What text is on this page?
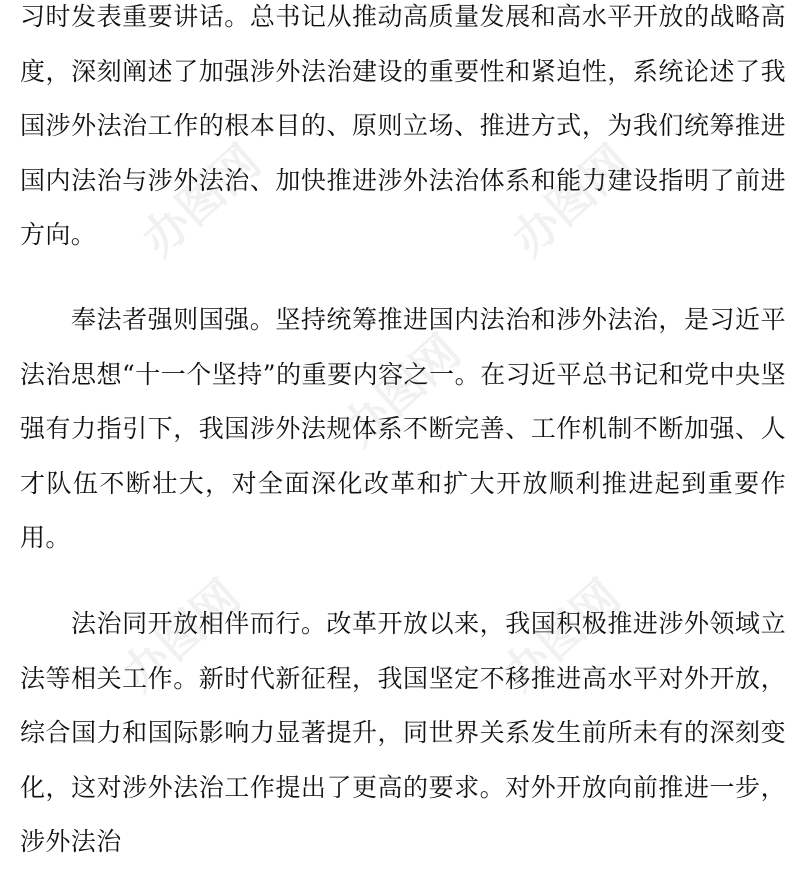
习时发表重要讲话。总书记从推动高质量发展和高水平开放的战略高度，深刻阐述了加强涉外法治建设的重要性和紧迫性，系统论述了我国涉外法治工作的根本目的、原则立场、推进方式，为我们统筹推进国内法治与涉外法治、加快推进涉外法治体系和能力建设指明了前进方向。

奉法者强则国强。坚持统筹推进国内法治和涉外法治，是习近平法治思想“十一个坚持”的重要内容之一。在习近平总书记和党中央坚强有力指引下，我国涉外法规体系不断完善、工作机制不断加强、人才队伍不断壮大，对全面深化改革和扩大开放顺利推进起到重要作用。

法治同开放相伴而行。改革开放以来，我国积极推进涉外领域立法等相关工作。新时代新征程，我国坚定不移推进高水平对外开放，综合国力和国际影响力显著提升，同世界关系发生前所未有的深刻变化，这对涉外法治工作提出了更高的要求。对外开放向前推进一步，涉外法治

办图网	办图网
办图网
办图网	办图网
